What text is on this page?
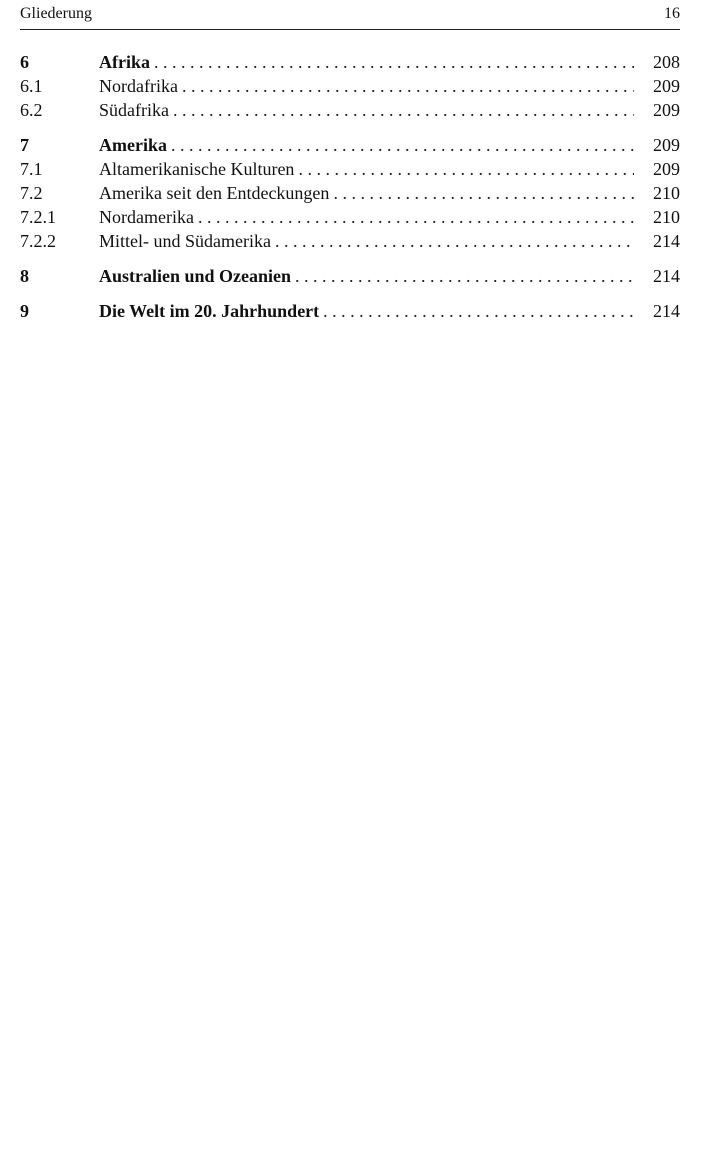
Gliederung	16
6	Afrika . . .	208
6.1	Nordafrika . . .	209
6.2	Südafrika . . .	209
7	Amerika . . .	209
7.1	Altamerikanische Kulturen . . .	209
7.2	Amerika seit den Entdeckungen . . .	210
7.2.1	Nordamerika . . .	210
7.2.2	Mittel- und Südamerika . . .	214
8	Australien und Ozeanien . . .	214
9	Die Welt im 20. Jahrhundert . . .	214
